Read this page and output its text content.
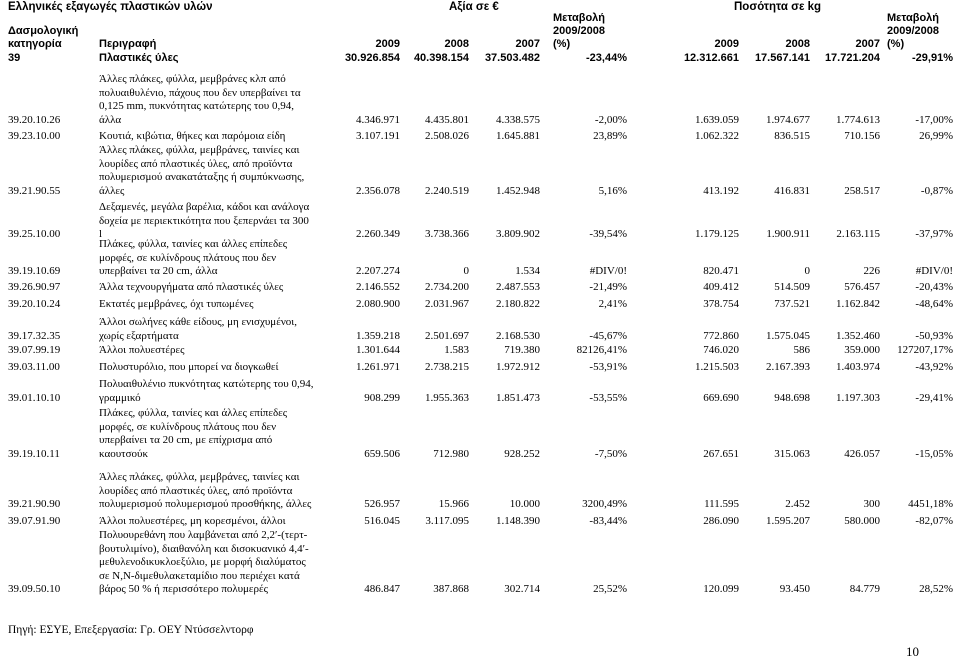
Ελληνικές εξαγωγές πλαστικών υλών	Αξία σε €	Ποσότητα σε kg
Δασμολογική
κατηγορία	Περιγραφή	2009	2008	2007
Μεταβολή
2009/2008
(%)	2009	2008	2007
Μεταβολή
2009/2008
(%)
39	Πλαστικές ύλες	30.926.854 40.398.154 37.503.482	-23,44%	12.312.661 17.567.141 17.721.204	-29,91%
39.20.10.26
Άλλες πλάκες, φύλλα, μεμβράνες κλπ από
πολυαιθυλένιο, πάχους που δεν υπερβαίνει τα
0,125 mm, πυκνότητας κατώτερης του 0,94,
άλλα	4.346.971 4.435.801 4.338.575	-2,00%	1.639.059 1.974.677 1.774.613	-17,00%
39.23.10.00	Κουτιά, κιβώτια, θήκες και παρόμοια είδη	3.107.191 2.508.026 1.645.881	23,89%	1.062.322	836.515	710.156	26,99%
39.21.90.55
Άλλες πλάκες, φύλλα, μεμβράνες, ταινίες και
λουρίδες από πλαστικές ύλες, από προϊόντα
πολυμερισμού ανακατάταξης ή συμπύκνωσης,
άλλες	2.356.078 2.240.519 1.452.948	5,16%	413.192	416.831	258.517	-0,87%
39.25.10.00
Δεξαμενές, μεγάλα βαρέλια, κάδοι και ανάλογα
δοχεία με περιεκτικότητα που ξεπερνάει τα 300
l	2.260.349 3.738.366 3.809.902	-39,54%	1.179.125 1.900.911 2.163.115	-37,97%
39.19.10.69
Πλάκες, φύλλα, ταινίες και άλλες επίπεδες
μορφές, σε κυλίνδρους πλάτους που δεν
υπερβαίνει τα 20 cm, άλλα	2.207.274	0	1.534	#DIV/0!	820.471	0	226	#DIV/0!
39.26.90.97	Άλλα τεχνουργήματα από πλαστικές ύλες	2.146.552 2.734.200 2.487.553	-21,49%	409.412	514.509	576.457	-20,43%
39.20.10.24	Εκτατές μεμβράνες, όχι τυπωμένες	2.080.900 2.031.967 2.180.822	2,41%	378.754	737.521 1.162.842	-48,64%
39.17.32.35
Άλλοι σωλήνες κάθε είδους, μη ενισχυμένοι,
χωρίς εξαρτήματα	1.359.218 2.501.697 2.168.530	-45,67%	772.860 1.575.045 1.352.460	-50,93%
39.07.99.19	Άλλοι πολυεστέρες	1.301.644	1.583	719.380	82126,41%	746.020	586	359.000 127207,17%
39.03.11.00	Πολυστυρόλιο, που μπορεί να διογκωθεί	1.261.971 2.738.215 1.972.912	-53,91%	1.215.503 2.167.393 1.403.974	-43,92%
39.01.10.10
Πολυαιθυλένιο πυκνότητας κατώτερης του 0,94,
γραμμικό	908.299 1.955.363 1.851.473	-53,55%	669.690	948.698 1.197.303	-29,41%
39.19.10.11
Πλάκες, φύλλα, ταινίες και άλλες επίπεδες
μορφές, σε κυλίνδρους πλάτους που δεν
υπερβαίνει τα 20 cm, με επίχρισμα από
καουτσούκ	659.506	712.980	928.252	-7,50%	267.651	315.063	426.057	-15,05%
39.21.90.90
Άλλες πλάκες, φύλλα, μεμβράνες, ταινίες και
λουρίδες από πλαστικές ύλες, από προϊόντα
πολυμερισμού πολυμερισμού προσθήκης, άλλες	526.957	15.966	10.000	3200,49%	111.595	2.452	300	4451,18%
39.07.91.90	Άλλοι πολυεστέρες, μη κορεσμένοι, άλλοι	516.045 3.117.095 1.148.390	-83,44%	286.090 1.595.207	580.000	-82,07%
39.09.50.10
Πολυουρεθάνη που λαμβάνεται από 2,2′-(τερτ-
βουτυλιμίνο), διαιθανόλη και δισοκυανικό 4,4′-
μεθυλενοδικυκλοεξύλιο, με μορφή διαλύματος
σε N,N-διμεθυλακεταμίδιο που περιέχει κατά
βάρος 50 % ή περισσότερο πολυμερές	486.847	387.868	302.714	25,52%	120.099	93.450	84.779	28,52%
Πηγή: ΕΣΥΕ, Επεξεργασία: Γρ. ΟΕΥ Ντύσσελντορφ
10
